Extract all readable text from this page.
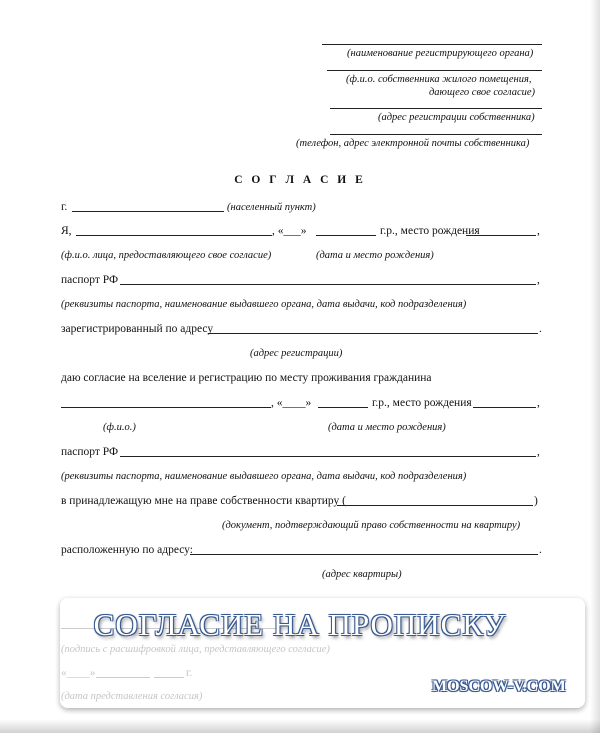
(наименование регистрирующего органа)
(ф.и.о. собственника жилого помещения,
дающего свое согласие)
(адрес регистрации собственника)
(телефон, адрес электронной почты собственника)
С О Г Л А С И Е
г.	(населенный пункт)
Я,	, «___»	г.р., место рождения	,
(ф.и.о. лица, предоставляющего свое согласие)	(дата и место рождения)
паспорт РФ	,
(реквизиты паспорта, наименование выдавшего органа, дата выдачи, код подразделения)
зарегистрированный по адресу	.
(адрес регистрации)
даю согласие на вселение и регистрацию по месту проживания гражданина
, «____»	г.р., место рождения	,
(ф.и.о.)	(дата и место рождения)
паспорт РФ	,
(реквизиты паспорта, наименование выдавшего органа, дата выдачи, код подразделения)
в принадлежащую мне на праве собственности квартиру (	)
(документ, подтверждающий право собственности на квартиру)
расположенную по адресу:	.
(адрес квартиры)
СОГЛАСИЕ НА ПРОПИСКУ
MOSCOW-V.COM
